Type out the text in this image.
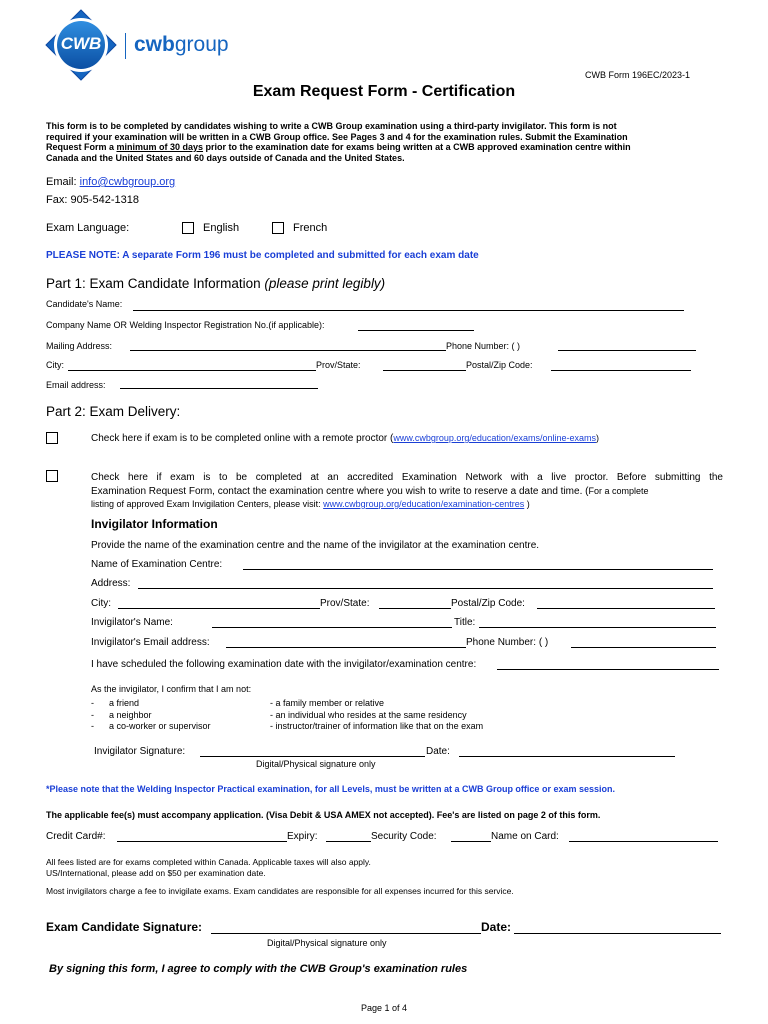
CWB cwbgroup
CWB Form 196EC/2023-1
Exam Request Form - Certification
This form is to be completed by candidates wishing to write a CWB Group examination using a third-party invigilator. This form is not
required if your examination will be written in a CWB Group office. See Pages 3 and 4 for the examination rules. Submit the Examination
Request Form a minimum of 30 days prior to the examination date for exams being written at a CWB approved examination centre within
Canada and the United States and 60 days outside of Canada and the United States.
Email: info@cwbgroup.org
Fax: 905-542-1318
Exam Language:	English	French
PLEASE NOTE: A separate Form 196 must be completed and submitted for each exam date
Part 1: Exam Candidate Information (please print legibly)
Candidate's Name:
Company Name OR Welding Inspector Registration No.(if applicable):
Mailing Address:	Phone Number: ( )
City:	Prov/State:	Postal/Zip Code:
Email address:
Part 2: Exam Delivery:
Check here if exam is to be completed online with a remote proctor (www.cwbgroup.org/education/exams/online-exams)
Check here if exam is to be completed at an accredited Examination Network with a live proctor. Before submitting the
Examination Request Form, contact the examination centre where you wish to write to reserve a date and time. (For a complete
listing of approved Exam Invigilation Centers, please visit: www.cwbgroup.org/education/examination-centres )
Invigilator Information
Provide the name of the examination centre and the name of the invigilator at the examination centre.
Name of Examination Centre:
Address:
City:	Prov/State:	Postal/Zip Code:
Invigilator's Name:	Title:
Invigilator's Email address:	Phone Number: ( )
I have scheduled the following examination date with the invigilator/examination centre:
As the invigilator, I confirm that I am not:
-      a friend
-      a neighbor
-      a co-worker or supervisor
- a family member or relative
- an individual who resides at the same residency
- instructor/trainer of information like that on the exam
Invigilator Signature:	Date:
Digital/Physical signature only
*Please note that the Welding Inspector Practical examination, for all Levels, must be written at a CWB Group office or exam session.
The applicable fee(s) must accompany application. (Visa Debit & USA AMEX not accepted). Fee's are listed on page 2 of this form.
Credit Card#:	Expiry:	Security Code:	Name on Card:
All fees listed are for exams completed within Canada. Applicable taxes will also apply.
US/International, please add on $50 per examination date.
Most invigilators charge a fee to invigilate exams. Exam candidates are responsible for all expenses incurred for this service.
Exam Candidate Signature:	Date:
Digital/Physical signature only
By signing this form, I agree to comply with the CWB Group's examination rules
Page 1 of 4
